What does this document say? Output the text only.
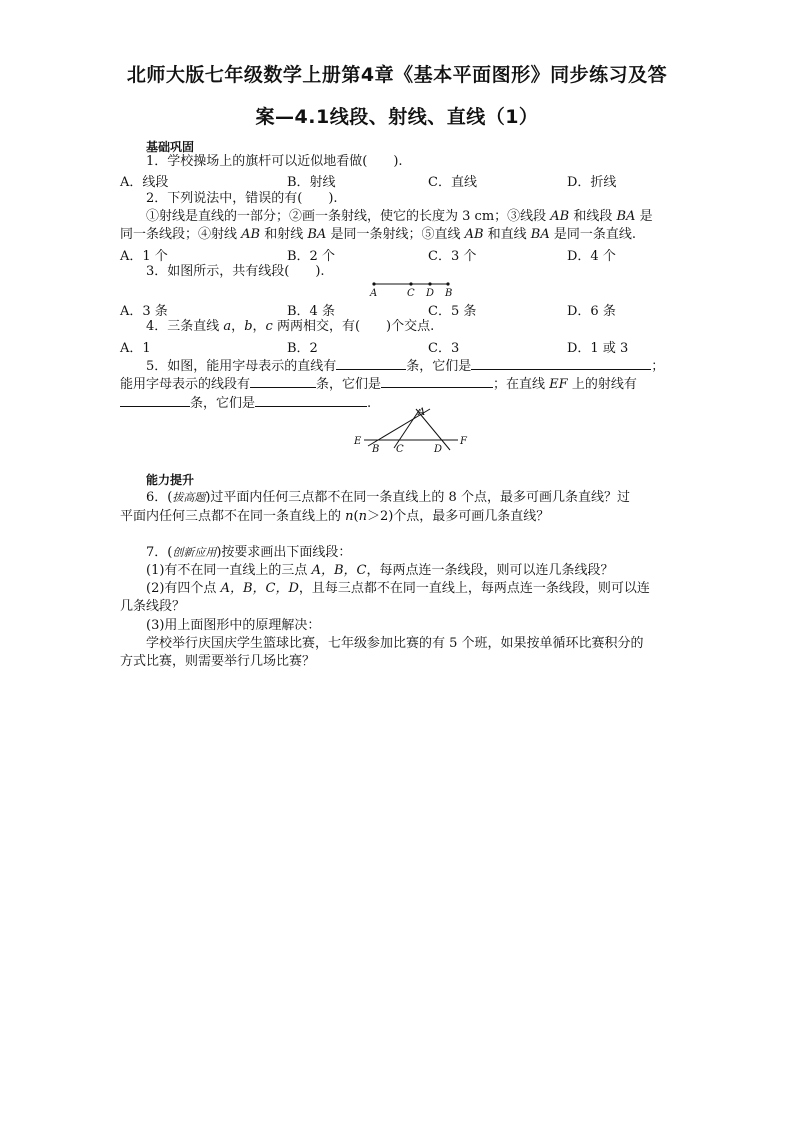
北师大版七年级数学上册第4章《基本平面图形》同步练习及答
案—4.1线段、射线、直线（1）
基础巩固
1．学校操场上的旗杆可以近似地看做(　　).
A．线段	B．射线	C．直线	D．折线
2．下列说法中，错误的有(　　).
①射线是直线的一部分；②画一条射线，使它的长度为 3 cm；③线段 AB 和线段 BA 是
同一条线段；④射线 AB 和射线 BA 是同一条射线；⑤直线 AB 和直线 BA 是同一条直线.
A．1 个	B．2 个	C．3 个	D．4 个
3．如图所示，共有线段(　　).
A	C D B
A．3 条	B．4 条	C．5 条	D．6 条
4．三条直线 a，b，c 两两相交，有(　　)个交点.
A．1	B．2	C．3	D．1 或 3
5．如图，能用字母表示的直线有	条，它们是	；
能用字母表示的线段有	条，它们是	；在直线 EF 上的射线有
条，它们是	.
A
E
B C	D
F
能力提升
6．(拔高题)过平面内任何三点都不在同一条直线上的 8 个点，最多可画几条直线？过
平面内任何三点都不在同一条直线上的 n(n＞2)个点，最多可画几条直线？
7．(创新应用)按要求画出下面线段：
(1)有不在同一直线上的三点 A，B，C，每两点连一条线段，则可以连几条线段？
(2)有四个点 A，B，C，D，且每三点都不在同一直线上，每两点连一条线段，则可以连
几条线段？
(3)用上面图形中的原理解决：
学校举行庆国庆学生篮球比赛，七年级参加比赛的有 5 个班，如果按单循环比赛积分的
方式比赛，则需要举行几场比赛？
